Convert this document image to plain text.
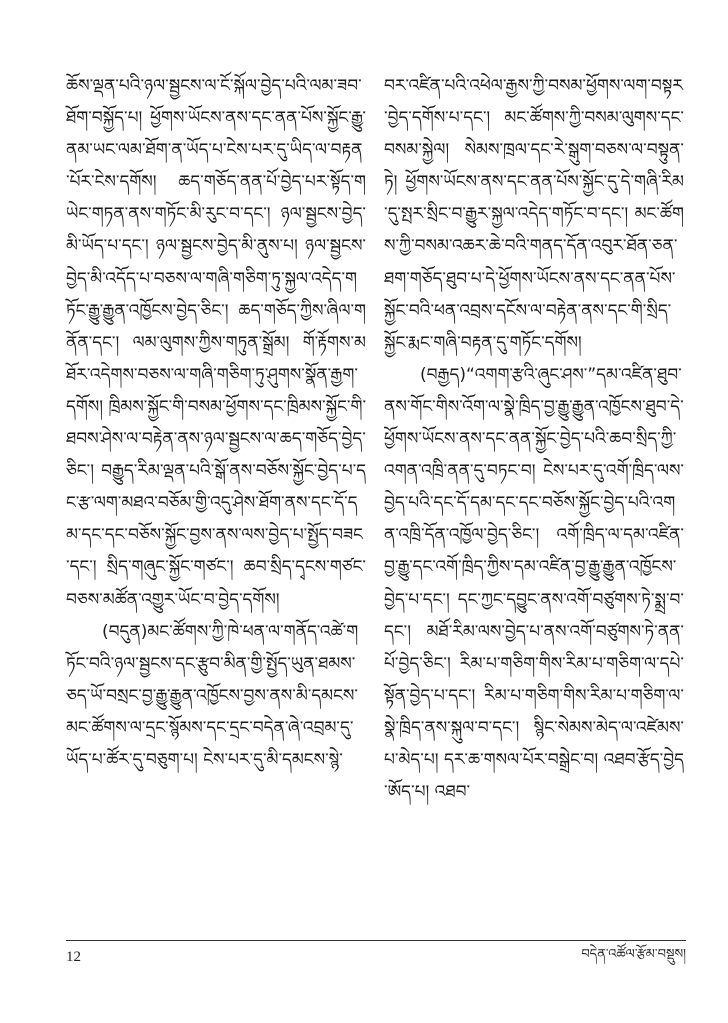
ཆོས་ལྡན་པའི་ཉལ་སྦྱངས་ལ་ངོ་སྐོལ་བྱེད་པའི་ལམ་ཟབ་ཐོག་བསྐྱོད་པ། ཕྱོགས་ཡོངས་ནས་དང་ནན་པོས་སྐྱོང་རྒྱུ་ནམ་ཡང་ལམ་ཐོག་ན་ཡོད་པ་ངེས་པར་དུ་ཡིད་ལ་བརྟན་པོར་ངེས་དགོས། ཆད་གཅོད་ནན་པོ་བྱེད་པར་སྟོད་གཡེང་གཏན་ནས་གཏོང་མི་རུང་བ་དང་། ཉལ་སྦྱངས་བྱེད་མི་ཡོད་པ་དང་། ཉལ་སྦྱངས་བྱེད་མི་ནུས་པ། ཉལ་སྦྱངས་བྱེད་མི་འདོད་པ་བཅས་ལ་གཞི་གཅིག་ཏུ་སྐྱལ་འདེད་གཏོང་རྒྱུ་རྒྱུན་འཁྱོངས་བྱེད་ཅིང་། ཆད་གཅོད་ཀྱིས་ཞིལ་གནོན་དང་། ལམ་ལུགས་ཀྱིས་གཏུན་སྒྲོམ། གོ་རྟོགས་མཐོར་འདེགས་བཅས་ལ་གཞི་གཅིག་ཏུ་ཤུགས་སྣོན་རྒྱག་དགོས། ཁྲིམས་སྐྱོང་གི་བསམ་ཕྱོགས་དང་ཁྲིམས་སྐྱོང་གི་ཐབས་ཤེས་ལ་བརྟེན་ནས་ཉལ་སྦྱངས་ལ་ཆད་གཅོད་བྱེད་ཅིང་། བརྒྱུད་རིམ་ལྡན་པའི་སྒོ་ནས་བཅོས་སྐྱོང་བྱེད་པ་དང་རྩ་ལག་མཐའ་བཅོམ་གྱི་འདུ་ཤེས་ཐོག་ནས་དང་དོ་དམ་དང་དང་བཅོས་སྐྱོང་བྱས་ནས་ལས་བྱེད་པ་སྤྱོད་བཟང་དང་། སྲིད་གཞུང་སྐྱོང་གཙང་། ཆབ་སྲིད་དྭངས་གཙང་བཅས་མཚོན་འགྱུར་ཡོང་བ་བྱེད་དགོས།

(བདུན)མང་ཚོགས་ཀྱི་ཁེ་ཕན་ལ་གནོད་འཚེ་གཏོང་བའི་ཉལ་སྦྱངས་དང་རྩུབ་མིན་གྱི་སྤྱོད་ཡུན་ཐམས་ཅད་ཡོ་བསྲང་བྱ་རྒྱུ་རྒྱུན་འཁྱོངས་བྱས་ནས་མི་དམངས་མང་ཚོགས་ལ་དྲང་སྙོམས་དང་དྲང་བདེན་ཞེ་འབྲམ་དུ་ཡོད་པ་ཚོར་དུ་བཅུག་པ། ངེས་པར་དུ་མི་དམངས་སྙེ་

བར་འཛིན་པའི་འཕེལ་རྒྱས་ཀྱི་བསམ་ཕྱོགས་ལག་བསྟར་བྱེད་དགོས་པ་དང་། མང་ཚོགས་ཀྱི་བསམ་ལུགས་དང་བསམ་སྐྱེལ། སེམས་ཁྲལ་དང་རེ་སྒུག་བཅས་ལ་བསྟུན་ཏེ། ཕྱོགས་ཡོངས་ནས་དང་ནན་པོས་སྐྱོང་དུ་དེ་གཞི་རིམ་དུ་སྤར་སྲིང་བ་རྒྱུར་སྐྱལ་འདེད་གཏོང་བ་དང་། མང་ཚོགས་ཀྱི་བསམ་འཆར་ཆེ་བའི་གནད་དོན་འབུར་ཐོན་ཅན་ཐག་གཅོད་ཐུབ་པ་དེ་ཕྱོགས་ཡོངས་ནས་དང་ནན་པོས་སྐྱོང་བའི་ཕན་འབྲས་དངོས་ལ་བརྟེན་ནས་དང་གི་སྲིད་སྐྱོང་རྨང་གཞི་བརྟན་དུ་གཏོང་དགོས།

(བརྒྱད)“འགག་རྩའི་ཞུང་ཤས་”དམ་འཛིན་ཐུབ་ནས་གོང་གིས་འོག་ལ་སྣེ་ཁྲིད་བྱ་རྒྱུ་རྒྱུན་འཁྱོངས་ཐུབ་དེ་ཕྱོགས་ཡོངས་ནས་དང་ནན་སྐྱོང་བྱེད་པའི་ཆབ་སྲིད་ཀྱི་འགན་འཁྲི་ནན་དུ་བཏང་བ། ངེས་པར་དུ་འགོ་ཁྲིད་ལས་བྱེད་པའི་དང་དོ་དམ་དང་དང་བཅོས་སྐྱོང་བྱེད་པའི་འགན་འཁྲི་དོན་འཁྱོལ་བྱེད་ཅིང་། འགོ་ཁྲིད་ལ་དམ་འཛིན་བྱ་རྒྱུ་དང་འགོ་ཁྲིད་ཀྱིས་དམ་འཛིན་བྱ་རྒྱུ་རྒྱུན་འཁྱོངས་བྱེད་པ་དང་། དང་ཀྱང་དབྱུང་ནས་འགོ་བཙུགས་ཏེ་སྨྲ་བ་དང་། མཐོ་རིམ་ལས་བྱེད་པ་ནས་འགོ་བཙུགས་ཏེ་ནན་པོ་བྱེད་ཅིང་། རིམ་པ་གཅིག་གིས་རིམ་པ་གཅིག་ལ་དཔེ་སྟོན་བྱེད་པ་དང་། རིམ་པ་གཅིག་གིས་རིམ་པ་གཅིག་ལ་སྣེ་ཁྲིད་ནས་སྐུལ་བ་དང་། སྙིང་སེམས་མེད་ལ་འཛེམས་པ་མེད་པ། དར་ཆ་གསལ་པོར་བསྒྲེང་བ། འཐབ་རྩོད་བྱེད་ཨོད་པ། འཐབ་

12	བདེན་འཚོལ་རྩོམ་བསྡུས།
